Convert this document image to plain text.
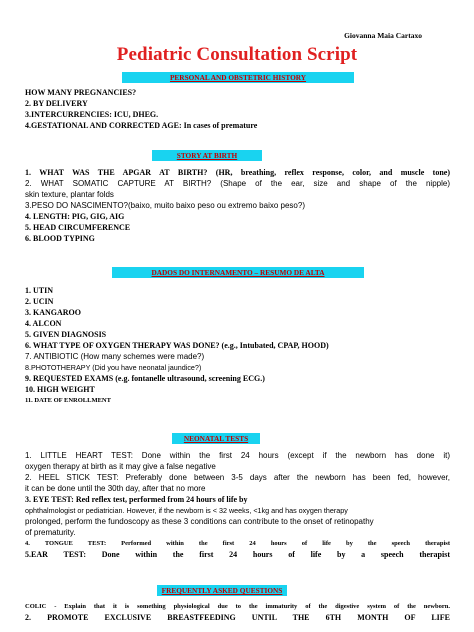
Giovanna Maia Cartaxo
Pediatric Consultation Script
PERSONAL AND OBSTETRIC HISTORY
HOW MANY PREGNANCIES?
2. BY DELIVERY
3.INTERCURRENCIES: ICU, DHEG.
4.GESTATIONAL AND CORRECTED AGE: In cases of premature
STORY AT BIRTH
1. WHAT WAS THE APGAR AT BIRTH? (HR, breathing, reflex response, color, and muscle tone)
2. WHAT SOMATIC CAPTURE AT BIRTH? (Shape of the ear, size and shape of the nipple)
skin texture, plantar folds
3.PESO DO NASCIMENTO?(baixo, muito baixo peso ou extremo baixo peso?)
4. LENGTH: PIG, GIG, AIG
5. HEAD CIRCUMFERENCE
6. BLOOD TYPING
DADOS DO INTERNAMENTO – RESUMO DE ALTA
1. UTIN
2. UCIN
3. KANGAROO
4. ALCON
5. GIVEN DIAGNOSIS
6. WHAT TYPE OF OXYGEN THERAPY WAS DONE? (e.g., Intubated, CPAP, HOOD)
7. ANTIBIOTIC (How many schemes were made?)
8.PHOTOTHERAPY (Did you have neonatal jaundice?)
9. REQUESTED EXAMS (e.g. fontanelle ultrasound, screening ECG.)
10. HIGH WEIGHT
11. DATE OF ENROLLMENT
NEONATAL TESTS
1. LITTLE HEART TEST: Done within the first 24 hours (except if the newborn has done it)
oxygen therapy at birth as it may give a false negative
2. HEEL STICK TEST: Preferably done between 3-5 days after the newborn has been fed, however,
it can be done until the 30th day, after that no more
3. EYE TEST: Red reflex test, performed from 24 hours of life by
ophthalmologist or pediatrician. However, if the newborn is < 32 weeks, <1kg and has oxygen therapy
prolonged, perform the fundoscopy as these 3 conditions can contribute to the onset of retinopathy
of prematurity.
4. TONGUE TEST: Performed within the first 24 hours of life by the speech therapist
5.EAR TEST: Done within the first 24 hours of life by a speech therapist
FREQUENTLY ASKED QUESTIONS
COLIC - Explain that it is something physiological due to the immaturity of the digestive system of the newborn.
2. PROMOTE EXCLUSIVE BREASTFEEDING UNTIL THE 6TH MONTH OF LIFE
